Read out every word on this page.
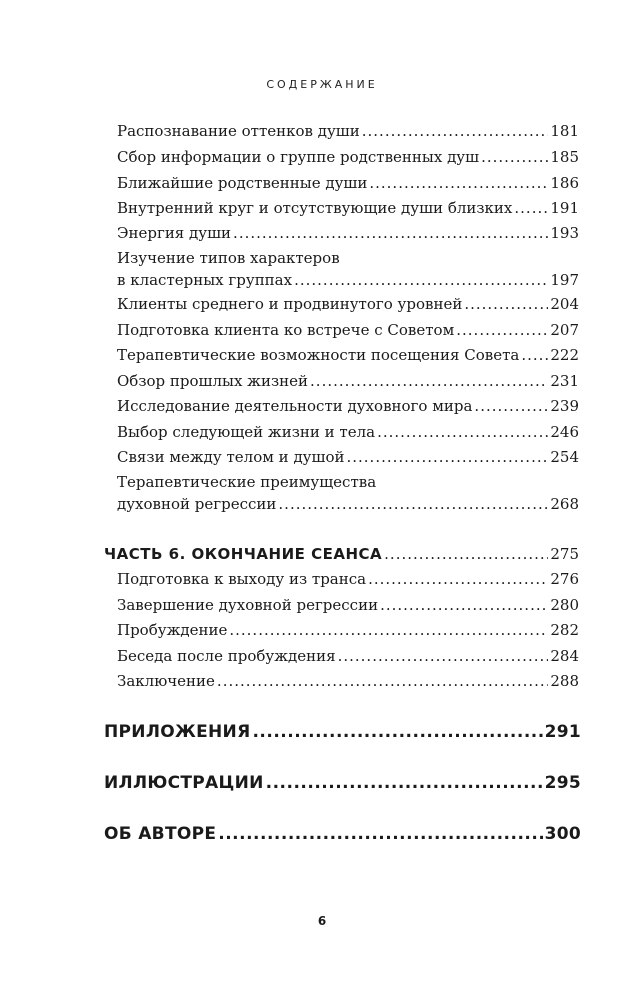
СОДЕРЖАНИЕ
Распознавание оттенков души .....	181
Сбор информации о группе родственных душ .....	185
Ближайшие родственные души .....	186
Внутренний круг и отсутствующие души близких .....	191
Энергия души .....	193
Изучение типов характеров
в кластерных группах .....	197
Клиенты среднего и продвинутого уровней .....	204
Подготовка клиента ко встрече с Советом .....	207
Терапевтические возможности посещения Совета ..... 222
Обзор прошлых жизней .....	231
Исследование деятельности духовного мира .....	239
Выбор следующей жизни и тела .....	246
Связи между телом и душой .....	254
Терапевтические преимущества
духовной регрессии .....	268
ЧАСТЬ 6. ОКОНЧАНИЕ СЕАНСА .....	275
Подготовка к выходу из транса .....	276
Завершение духовной регрессии .....	280
Пробуждение .....	282
Беседа после пробуждения .....	284
Заключение .....	288
ПРИЛОЖЕНИЯ .....	291
ИЛЛЮСТРАЦИИ .....	295
ОБ АВТОРЕ .....	300
6
